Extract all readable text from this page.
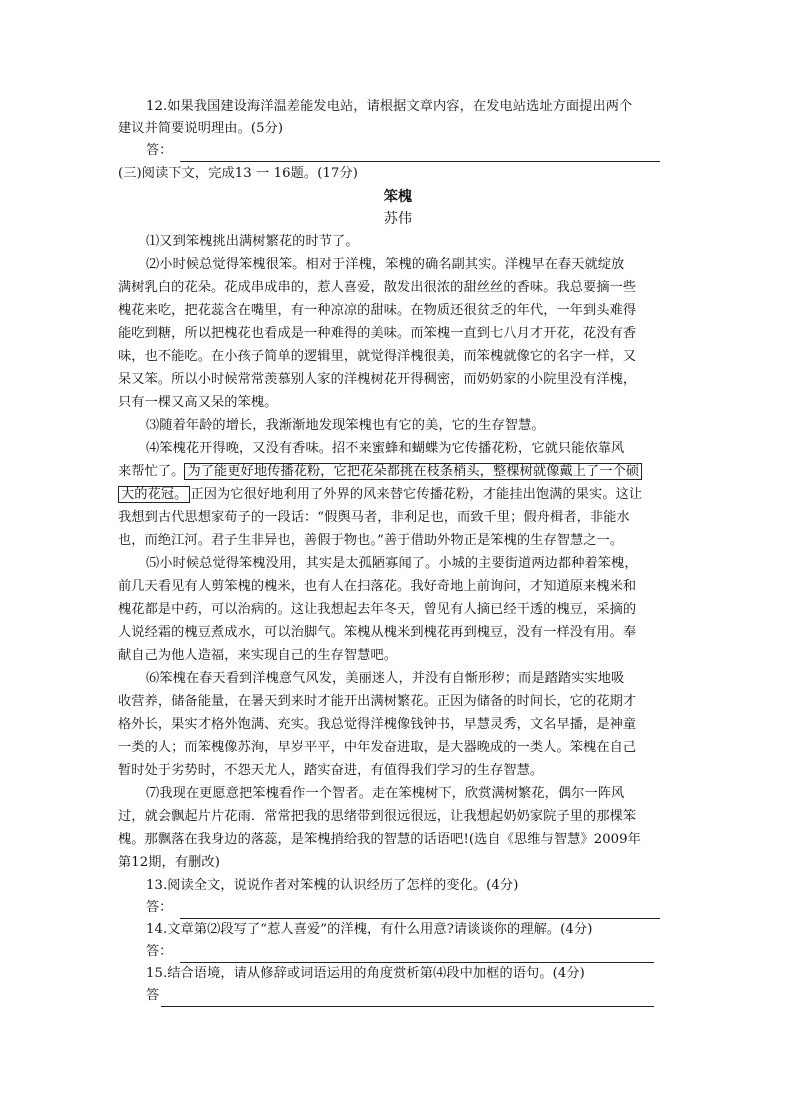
12.如果我国建设海洋温差能发电站，请根据文章内容，在发电站选址方面提出两个
建议并简要说明理由。(5分)
答：
(三)阅读下文，完成13 一 16题。(17分)
笨槐
苏伟
⑴又到笨槐挑出满树繁花的时节了。
⑵小时候总觉得笨槐很笨。相对于洋槐，笨槐的确名副其实。洋槐早在春天就绽放
满树乳白的花朵。花成串成串的，惹人喜爱，散发出很浓的甜丝丝的香味。我总要摘一些
槐花来吃，把花蕊含在嘴里，有一种凉凉的甜味。在物质还很贫乏的年代，一年到头难得
能吃到糖，所以把槐花也看成是一种难得的美味。而笨槐一直到七八月才开花，花没有香
味，也不能吃。在小孩子简单的逻辑里，就觉得洋槐很美，而笨槐就像它的名字一样，又
呆又笨。所以小时候常常羡慕别人家的洋槐树花开得稠密，而奶奶家的小院里没有洋槐，
只有一棵又高又呆的笨槐。
⑶随着年龄的增长，我渐渐地发现笨槐也有它的美，它的生存智慧。
⑷笨槐花开得晚，又没有香味。招不来蜜蜂和蝴蝶为它传播花粉，它就只能依靠风
来帮忙了。 为了能更好地传播花粉，它把花朵都挑在枝条梢头，整棵树就像戴上了一个硕
大的花冠。 正因为它很好地利用了外界的风来替它传播花粉，才能挂出饱满的果实。这让
我想到古代思想家荀子的一段话：“假舆马者，非利足也，而致千里；假舟楫者，非能水
也，而绝江河。君子生非异也，善假于物也。”善于借助外物正是笨槐的生存智慧之一。
⑸小时候总觉得笨槐没用，其实是太孤陋寡闻了。小城的主要街道两边都种着笨槐，
前几天看见有人剪笨槐的槐米，也有人在扫落花。我好奇地上前询问，才知道原来槐米和
槐花都是中药，可以治病的。这让我想起去年冬天，曾见有人摘已经干透的槐豆，采摘的
人说经霜的槐豆煮成水，可以治脚气。笨槐从槐米到槐花再到槐豆，没有一样没有用。奉
献自己为他人造福，来实现自己的生存智慧吧。
⑹笨槐在春天看到洋槐意气风发，美丽迷人，并没有自惭形秽；而是踏踏实实地吸
收营养，储备能量，在暑天到来时才能开出满树繁花。正因为储备的时间长，它的花期才
格外长，果实才格外饱满、充实。我总觉得洋槐像钱钟书，早慧灵秀，文名早播，是神童
一类的人；而笨槐像苏洵，早岁平平，中年发奋进取，是大器晚成的一类人。笨槐在自己
暂时处于劣势时，不怨天尤人，踏实奋进，有值得我们学习的生存智慧。
⑺我现在更愿意把笨槐看作一个智者。走在笨槐树下，欣赏满树繁花，偶尔一阵风
过，就会飘起片片花雨．常常把我的思绪带到很远很远，让我想起奶奶家院子里的那棵笨
槐。那飘落在我身边的落蕊，是笨槐捎给我的智慧的话语吧!(选自《思维与智慧》2009年
第12期，有删改)
13.阅读全文，说说作者对笨槐的认识经历了怎样的变化。(4分)
答：
14.文章第⑵段写了“惹人喜爱”的洋槐，有什么用意?请谈谈你的理解。(4分)
答：
15.结合语境，请从修辞或词语运用的角度赏析第⑷段中加框的语句。(4分)
答
